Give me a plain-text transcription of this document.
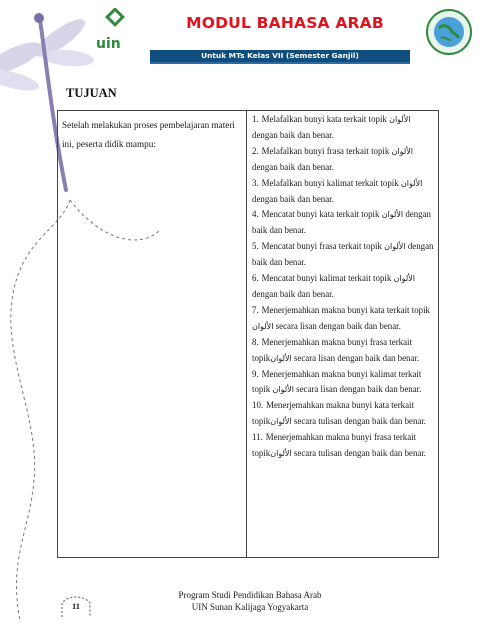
uin
MODUL BAHASA ARAB
Untuk MTs Kelas VII (Semester Ganjil)
TUJUAN
Setelah melakukan proses pembelajaran materi ini, peserta didik mampu:
1. Melafalkan bunyi kata terkait topik الألوان dengan baik dan benar.
2. Melafalkan bunyi frasa terkait topik الألوان dengan baik dan benar.
3. Melafalkan bunyi kalimat terkait topik الألوان dengan baik dan benar.
4. Mencatat bunyi kata terkait topik الألوان dengan baik dan benar.
5. Mencatat bunyi frasa terkait topik الألوان dengan baik dan benar.
6. Mencatat bunyi kalimat terkait topik الألوان dengan baik dan benar.
7. Menerjemahkan makna bunyi kata terkait topik الألوان secara lisan dengan baik dan benar.
8. Menerjemahkan makna bunyi frasa terkait topikالألوان secara lisan dengan baik dan benar.
9. Menerjemahkan makna bunyi kalimat terkait topik الألوان secara lisan dengan baik dan benar.
10. Menerjemahkan makna bunyi kata terkait topikالألوان secara tulisan dengan baik dan benar.
11. Menerjemahkan makna bunyi frasa terkait topikالألوان secara tulisan dengan baik dan benar.
11
Program Studi Pendidikan Bahasa Arab
UIN Sunan Kalijaga Yogyakarta
